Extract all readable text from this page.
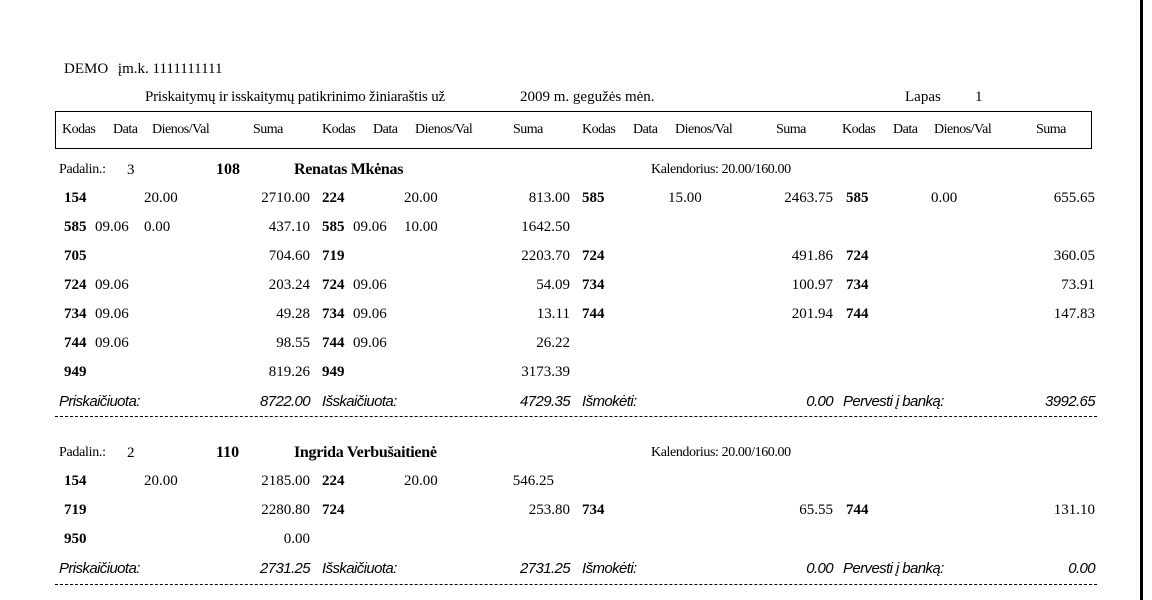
DEMO įm.k. 1111111111
Priskaitymų ir isskaitymų patikrinimo žiniaraštis už	2009 m. gegužės mėn.	Lapas 1
Kodas Data Dienos/Val	Suma	Kodas Data Dienos/Val	Suma	Kodas Data Dienos/Val	Suma	Kodas Data Dienos/Val	Suma
Padalin.: 3	108	Renatas Mkėnas	Kalendorius: 20.00/160.00
154	20.00	2710.00 224	20.00	813.00 585	15.00	2463.75 585	0.00	655.65
585 09.06 0.00	437.10 585 09.06 10.00	1642.50
705	704.60 719	2203.70 724	491.86 724	360.05
724 09.06	203.24 724 09.06	54.09 734	100.97 734	73.91
734 09.06	49.28 734 09.06	13.11 744	201.94 744	147.83
744 09.06	98.55 744 09.06	26.22
949	819.26 949	3173.39
Priskaičiuota:	8722.00 Išskaičiuota:	4729.35 Išmokėti:	0.00 Pervesti į banką:	3992.65
Padalin.: 2	110	Ingrida Verbušaitienė	Kalendorius: 20.00/160.00
154	20.00	2185.00 224	20.00	546.25
719	2280.80 724	253.80 734	65.55 744	131.10
950	0.00
Priskaičiuota:	2731.25 Išskaičiuota:	2731.25 Išmokėti:	0.00 Pervesti į banką:	0.00
